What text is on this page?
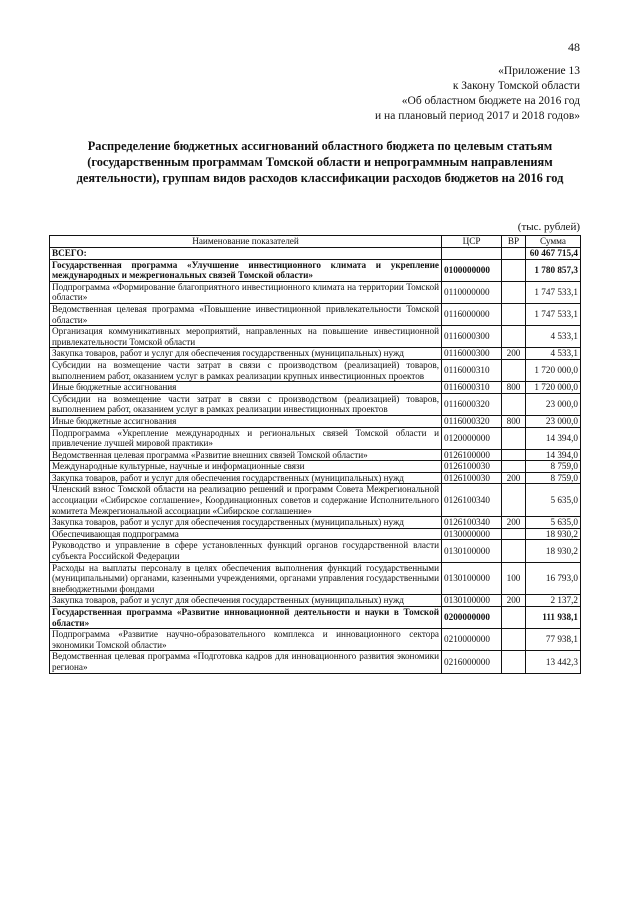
48
«Приложение 13
к Закону Томской области
«Об областном бюджете на 2016 год
и на плановый период 2017 и 2018 годов»
Распределение бюджетных ассигнований областного бюджета по целевым статьям (государственным программам Томской области и непрограммным направлениям деятельности), группам видов расходов классификации расходов бюджетов на 2016 год
(тыс. рублей)
Наименование показателей	ЦСР	ВР	Сумма
ВСЕГО:			60 467 715,4
Государственная программа «Улучшение инвестиционного климата и укрепление международных и межрегиональных связей Томской области»	0100000000		1 780 857,3
Подпрограмма «Формирование благоприятного инвестиционного климата на территории Томской области»	0110000000		1 747 533,1
Ведомственная целевая программа «Повышение инвестиционной привлекательности Томской области»	0116000000		1 747 533,1
Организация коммуникативных мероприятий, направленных на повышение инвестиционной привлекательности Томской области	0116000300		4 533,1
Закупка товаров, работ и услуг для обеспечения государственных (муниципальных) нужд	0116000300	200	4 533,1
Субсидии на возмещение части затрат в связи с производством (реализацией) товаров, выполнением работ, оказанием услуг в рамках реализации крупных инвестиционных проектов	0116000310		1 720 000,0
Иные бюджетные ассигнования	0116000310	800	1 720 000,0
Субсидии на возмещение части затрат в связи с производством (реализацией) товаров, выполнением работ, оказанием услуг в рамках реализации инвестиционных проектов	0116000320		23 000,0
Иные бюджетные ассигнования	0116000320	800	23 000,0
Подпрограмма «Укрепление международных и региональных связей Томской области и привлечение лучшей мировой практики»	0120000000		14 394,0
Ведомственная целевая программа «Развитие внешних связей Томской области»	0126100000		14 394,0
Международные культурные, научные и информационные связи	0126100030		8 759,0
Закупка товаров, работ и услуг для обеспечения государственных (муниципальных) нужд	0126100030	200	8 759,0
Членский взнос Томской области на реализацию решений и программ Совета Межрегиональной ассоциации «Сибирское соглашение», Координационных советов и содержание Исполнительного комитета Межрегиональной ассоциации «Сибирское соглашение»	0126100340		5 635,0
Закупка товаров, работ и услуг для обеспечения государственных (муниципальных) нужд	0126100340	200	5 635,0
Обеспечивающая подпрограмма	0130000000		18 930,2
Руководство и управление в сфере установленных функций органов государственной власти субъекта Российской Федерации	0130100000		18 930,2
Расходы на выплаты персоналу в целях обеспечения выполнения функций государственными (муниципальными) органами, казенными учреждениями, органами управления государственными внебюджетными фондами	0130100000	100	16 793,0
Закупка товаров, работ и услуг для обеспечения государственных (муниципальных) нужд	0130100000	200	2 137,2
Государственная программа «Развитие инновационной деятельности и науки в Томской области»	0200000000		111 938,1
Подпрограмма «Развитие научно-образовательного комплекса и инновационного сектора экономики Томской области»	0210000000		77 938,1
Ведомственная целевая программа «Подготовка кадров для инновационного развития экономики региона»	0216000000		13 442,3
